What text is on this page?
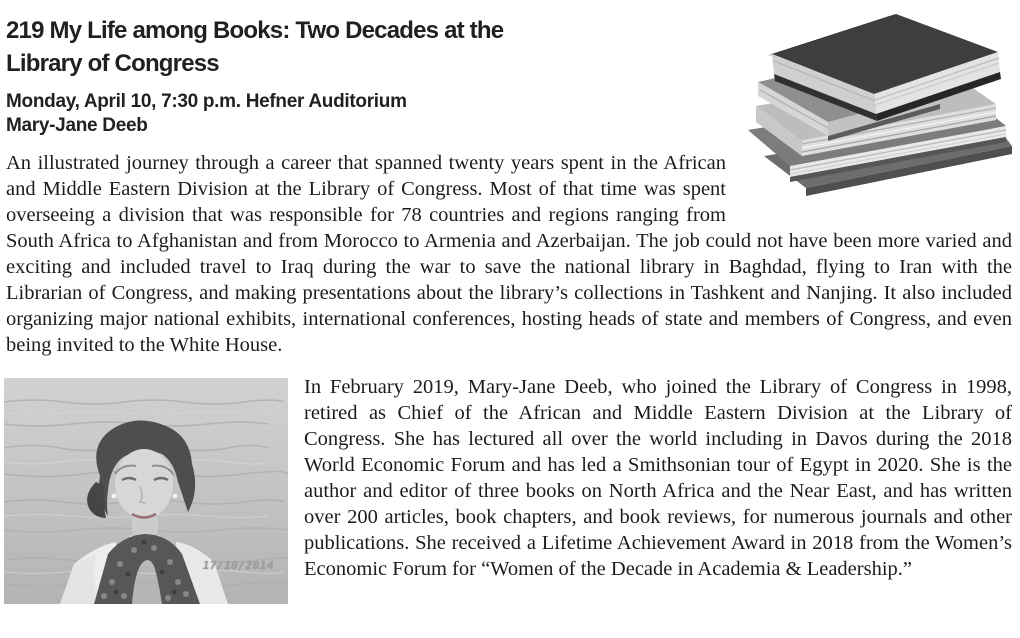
219 My Life among Books: Two Decades at the Library of Congress

Monday, April 10, 7:30 p.m. Hefner Auditorium

Mary-Jane Deeb

An illustrated journey through a career that spanned twenty years spent in the African and Middle Eastern Division at the Library of Congress. Most of that time was spent overseeing a division that was responsible for 78 countries and regions ranging from South Africa to Afghanistan and from Morocco to Armenia and Azerbaijan. The job could not have been more varied and exciting and included travel to Iraq during the war to save the national library in Baghdad, flying to Iran with the Librarian of Congress, and making presentations about the library’s collections in Tashkent and Nanjing. It also included organizing major national exhibits, international conferences, hosting heads of state and members of Congress, and even being invited to the White House.

17/10/2014

In February 2019, Mary-Jane Deeb, who joined the Library of Congress in 1998, retired as Chief of the African and Middle Eastern Division at the Library of Congress. She has lectured all over the world including in Davos during the 2018 World Economic Forum and has led a Smithsonian tour of Egypt in 2020. She is the author and editor of three books on North Africa and the Near East, and has written over 200 articles, book chapters, and book reviews, for numerous journals and other publications. She received a Lifetime Achievement Award in 2018 from the Women’s Economic Forum for “Women of the Decade in Academia & Leadership.”
